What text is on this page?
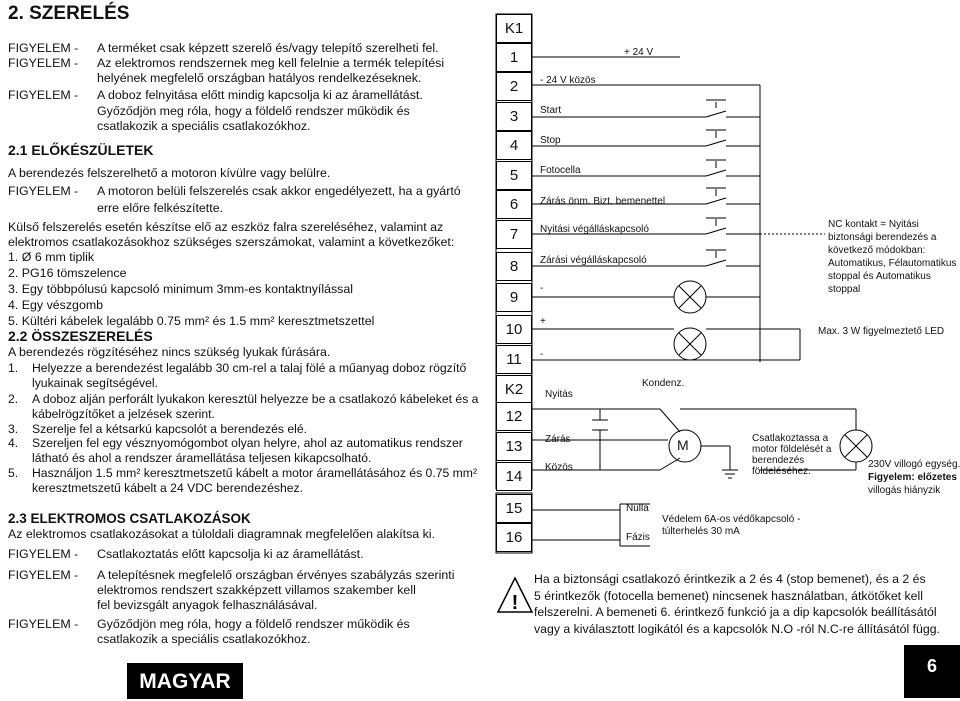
2. SZERELÉS
FIGYELEM - A terméket csak képzett szerelő és/vagy telepítő szerelheti fel.
FIGYELEM - Az elektromos rendszernek meg kell felelnie a termék telepítési
helyének megfelelő országban hatályos rendelkezéseknek.
FIGYELEM - A doboz felnyitása előtt mindig kapcsolja ki az áramellátást.
Győződjön meg róla, hogy a földelő rendszer működik és
csatlakozik a speciális csatlakozókhoz.
2.1 ELŐKÉSZÜLETEK
A berendezés felszerelhető a motoron kívülre vagy belülre.
FIGYELEM - A motoron belüli felszerelés csak akkor engedélyezett, ha a gyártó
erre előre felkészítette.
Külső felszerelés esetén készítse elő az eszköz falra szereléséhez, valamint az
elektromos csatlakozásokhoz szükséges szerszámokat, valamint a következőket:
1. Ø 6 mm tiplik
2. PG16 tömszelence
3. Egy többpólusú kapcsoló minimum 3mm-es kontaktnyílással
4. Egy vészgomb
5. Kültéri kábelek legalább 0.75 mm² és 1.5 mm² keresztmetszettel
2.2 ÖSSZESZERELÉS
A berendezés rögzítéséhez nincs szükség lyukak fúrására.
1. Helyezze a berendezést legalább 30 cm-rel a talaj fölé a műanyag doboz rögzítő
lyukainak segítségével.
2. A doboz alján perforált lyukakon keresztül helyezze be a csatlakozó kábeleket és a
kábelrögzítőket a jelzések szerint.
3. Szerelje fel a kétsarkú kapcsolót a berendezés elé.
4. Szereljen fel egy vésznyomógombot olyan helyre, ahol az automatikus rendszer
látható és ahol a rendszer áramellátása teljesen kikapcsolható.
5. Használjon 1.5 mm² keresztmetszetű kábelt a motor áramellátásához és 0.75 mm²
keresztmetszetű kábelt a 24 VDC berendezéshez.
2.3 ELEKTROMOS CSATLAKOZÁSOK
Az elektromos csatlakozásokat a túloldali diagramnak megfelelően alakítsa ki.
FIGYELEM - Csatlakoztatás előtt kapcsolja ki az áramellátást.
FIGYELEM - A telepítésnek megfelelő országban érvényes szabályzás szerinti
elektromos rendszert szakképzett villamos szakember kell
fel bevizsgált anyagok felhasználásával.
FIGYELEM - Győződjön meg róla, hogy a földelő rendszer működik és
csatlakozik a speciális csatlakozókhoz.
MAGYAR
!
K1
1
2
3
4
5
6
7
8
9
10
11
K2
12
13
14
15
16
+ 24 V
- 24 V közös
Start
Stop
Fotocella
Zárás önm. Bizt. bemenettel
Nyitási végálláskapcsoló
Zárási végálláskapcsoló
-
+
-
Nyitás
Zárás
Közös
Kondenz.
M
Nulla
Fázis
Védelem 6A-os védőkapcsoló -
túlterhelés 30 mA
NC kontakt = Nyitási
biztonsági berendezés a
következő módokban:
Automatikus, Félautomatikus
stoppal és Automatikus
stoppal
Max. 3 W figyelmeztető LED
Csatlakoztassa a
motor földelését a
berendezés
földeléséhez.
230V villogó egység.
Figyelem: előzetes
villogás hiányzik
Ha a biztonsági csatlakozó érintkezik a 2 és 4 (stop bemenet), és a 2 és
5 érintkezők (fotocella bemenet) nincsenek használatban, átkötőket kell
felszerelni. A bemeneti 6. érintkező funkció ja a dip kapcsolók beállításától
vagy a kiválasztott logikától és a kapcsolók N.O -ról N.C-re állításától függ.
6
